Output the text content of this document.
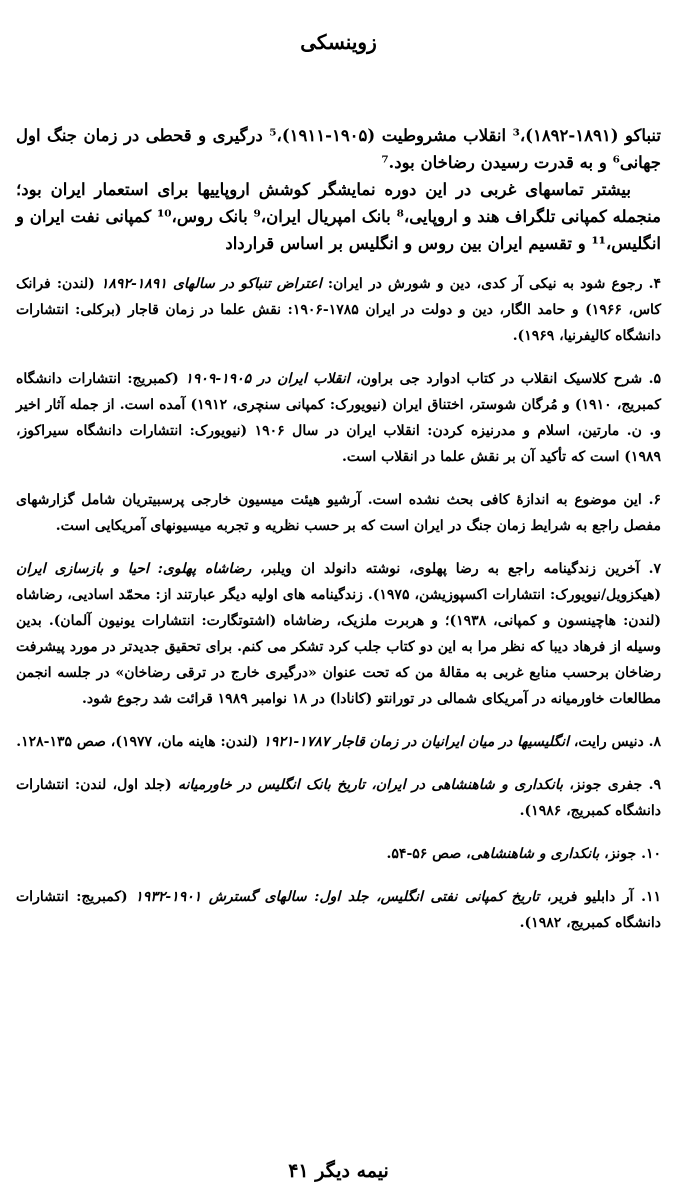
زوینسکی

تنباکو (۱۸۹۱-۱۸۹۲)،³ انقلاب مشروطیت (۱۹۰۵-۱۹۱۱)،⁵ درگیری و قحطی در زمان جنگ اول جهانی⁶ و به قدرت رسیدن رضاخان بود.⁷

بیشتر تماسهای غربی در این دوره نمایشگر کوشش اروپاییها برای استعمار ایران بود؛ منجمله کمپانی تلگراف هند و اروپایی،⁸ بانک امپریال ایران،⁹ بانک روس،¹⁰ کمپانی نفت ایران و انگلیس،¹¹ و تقسیم ایران بین روس و انگلیس بر اساس قرارداد

۴. رجوع شود به نیکی آر کدی، دین و شورش در ایران: اعتراض تنباکو در سالهای ۱۸۹۱-۱۸۹۲ (لندن: فرانک کاس، ۱۹۶۶) و حامد الگار، دین و دولت در ایران ۱۷۸۵-۱۹۰۶: نقش علما در زمان قاجار (برکلی: انتشارات دانشگاه کالیفرنیا، ۱۹۶۹).

۵. شرح کلاسیک انقلاب در کتاب ادوارد جی براون، انقلاب ایران در ۱۹۰۵-۱۹۰۹ (کمبریج: انتشارات دانشگاه کمبریج، ۱۹۱۰) و مُرگان شوستر، اختناق ایران (نیویورک: کمپانی سنچری، ۱۹۱۲) آمده است. از جمله آثار اخیر و. ن. مارتین، اسلام و مدرنیزه کردن: انقلاب ایران در سال ۱۹۰۶ (نیویورک: انتشارات دانشگاه سیراکوز، ۱۹۸۹) است که تأکید آن بر نقش علما در انقلاب است.

۶. این موضوع به اندازهٔ کافی بحث نشده است. آرشیو هیئت میسیون خارجی پرسبیتریان شامل گزارشهای مفصل راجع به شرایط زمان جنگ در ایران است که بر حسب نظریه و تجربه میسیونهای آمریکایی است.

۷. آخرین زندگینامه راجع به رضا پهلوی، نوشته دانولد ان ویلبر، رضاشاه پهلوی: احیا و بازسازی ایران (هیکزویل/نیویورک: انتشارات اکسپوزیشن، ۱۹۷۵). زندگینامه های اولیه دیگر عبارتند از: محمّد اسادیی، رضاشاه (لندن: هاچینسون و کمپانی، ۱۹۳۸)؛ و هربرت ملزیک، رضاشاه (اشتوتگارت: انتشارات یونیون آلمان). بدین وسیله از فرهاد دیبا که نظر مرا به این دو کتاب جلب کرد تشکر می کنم. برای تحقیق جدیدتر در مورد پیشرفت رضاخان برحسب منابع غربی به مقالهٔ من که تحت عنوان «درگیری خارج در ترقی رضاخان» در جلسه انجمن مطالعات خاورمیانه در آمریکای شمالی در تورانتو (کانادا) در ۱۸ نوامبر ۱۹۸۹ قرائت شد رجوع شود.

۸. دنیس رایت، انگلیسیها در میان ایرانیان در زمان قاجار ۱۷۸۷-۱۹۲۱ (لندن: هاینه مان، ۱۹۷۷)، صص ۱۳۵-۱۲۸.

۹. جفری جونز، بانکداری و شاهنشاهی در ایران، تاریخ بانک انگلیس در خاورمیانه (جلد اول، لندن: انتشارات دانشگاه کمبریج، ۱۹۸۶).

۱۰. جونز، بانکداری و شاهنشاهی، صص ۵۶-۵۴.

۱۱. آر دابلیو فریر، تاریخ کمپانی نفتی انگلیس، جلد اول: سالهای گسترش ۱۹۰۱-۱۹۳۲ (کمبریج: انتشارات دانشگاه کمبریج، ۱۹۸۲).

نیمه دیگر ۴۱
